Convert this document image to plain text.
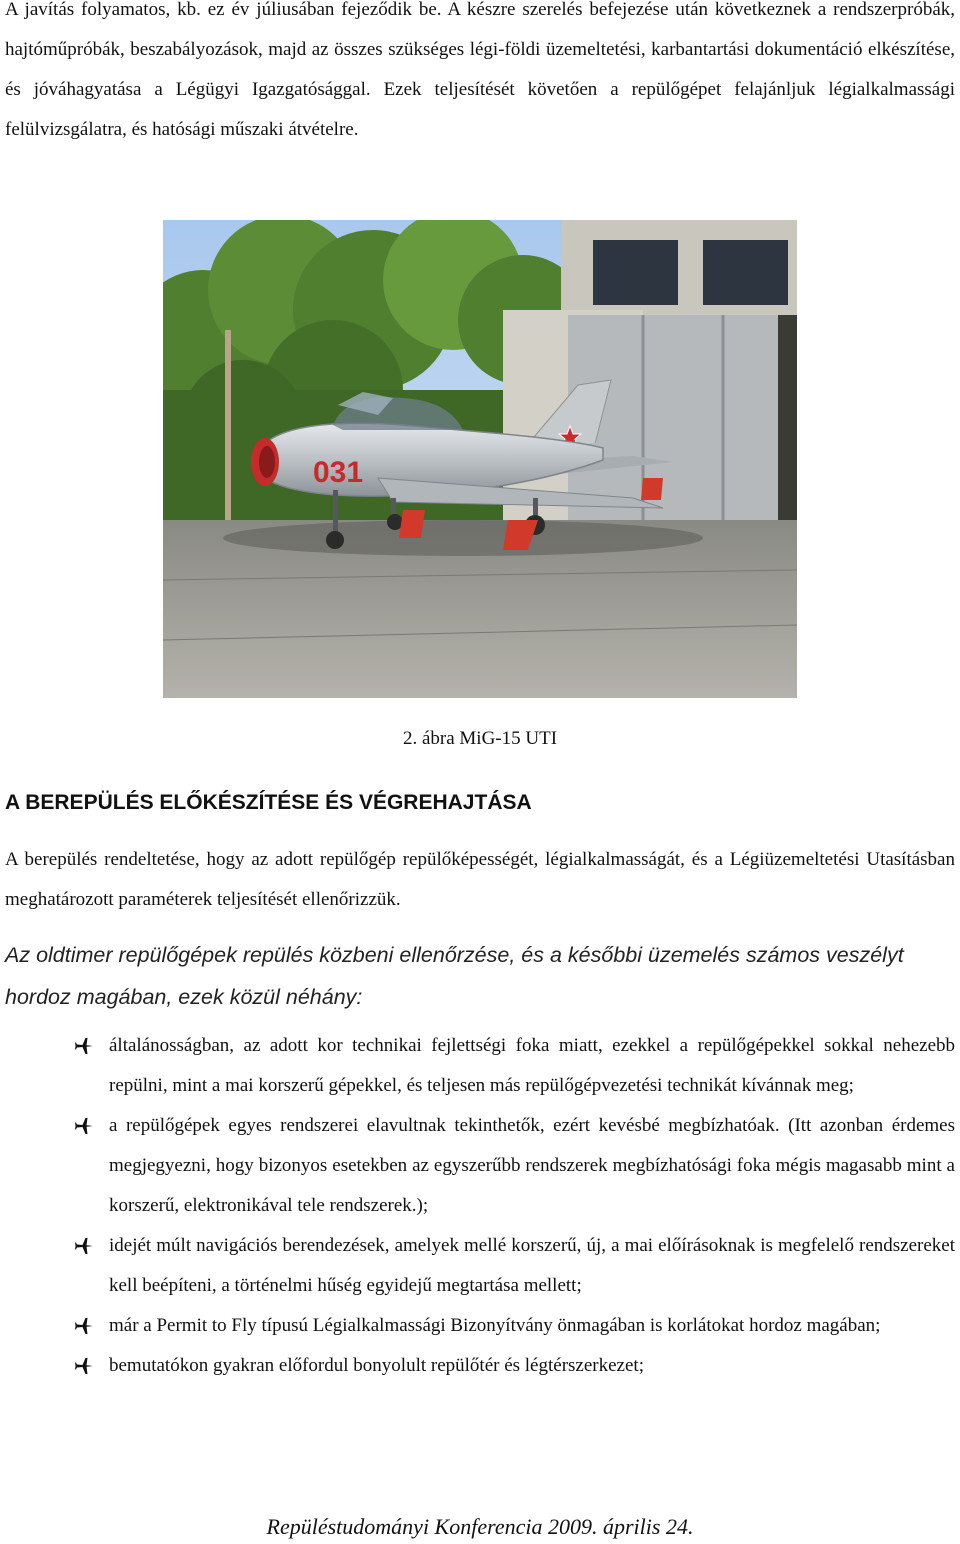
A javítás folyamatos, kb. ez év júliusában fejeződik be. A készre szerelés befejezése után következnek a rendszerpróbák, hajtóműpróbák, beszabályozások, majd az összes szükséges légi-földi üzemeltetési, karbantartási dokumentáció elkészítése, és jóváhagyatása a Légügyi Igazgatósággal. Ezek teljesítését követően a repülőgépet felajánljuk légialkalmassági felülvizsgálatra, és hatósági műszaki átvételre.

031
2. ábra MiG-15 UTI
A BEREPÜLÉS ELŐKÉSZÍTÉSE ÉS VÉGREHAJTÁSA

A berepülés rendeltetése, hogy az adott repülőgép repülőképességét, légialkalmasságát, és a Légiüzemeltetési Utasításban meghatározott paraméterek teljesítését ellenőrizzük.

Az oldtimer repülőgépek repülés közbeni ellenőrzése, és a későbbi üzemelés számos veszélyt hordoz magában, ezek közül néhány:

általánosságban, az adott kor technikai fejlettségi foka miatt, ezekkel a repülőgépekkel sokkal nehezebb repülni, mint a mai korszerű gépekkel, és teljesen más repülőgépvezetési technikát kívánnak meg;
a repülőgépek egyes rendszerei elavultnak tekinthetők, ezért kevésbé megbízhatóak. (Itt azonban érdemes megjegyezni, hogy bizonyos esetekben az egyszerűbb rendszerek megbízhatósági foka mégis magasabb mint a korszerű, elektronikával tele rendszerek.);
idejét múlt navigációs berendezések, amelyek mellé korszerű, új, a mai előírásoknak is megfelelő rendszereket kell beépíteni, a történelmi hűség egyidejű megtartása mellett;
már a Permit to Fly típusú Légialkalmassági Bizonyítvány önmagában is korlátokat hordoz magában;
bemutatókon gyakran előfordul bonyolult repülőtér és légtérszerkezet;
Repüléstudományi Konferencia 2009. április 24.
